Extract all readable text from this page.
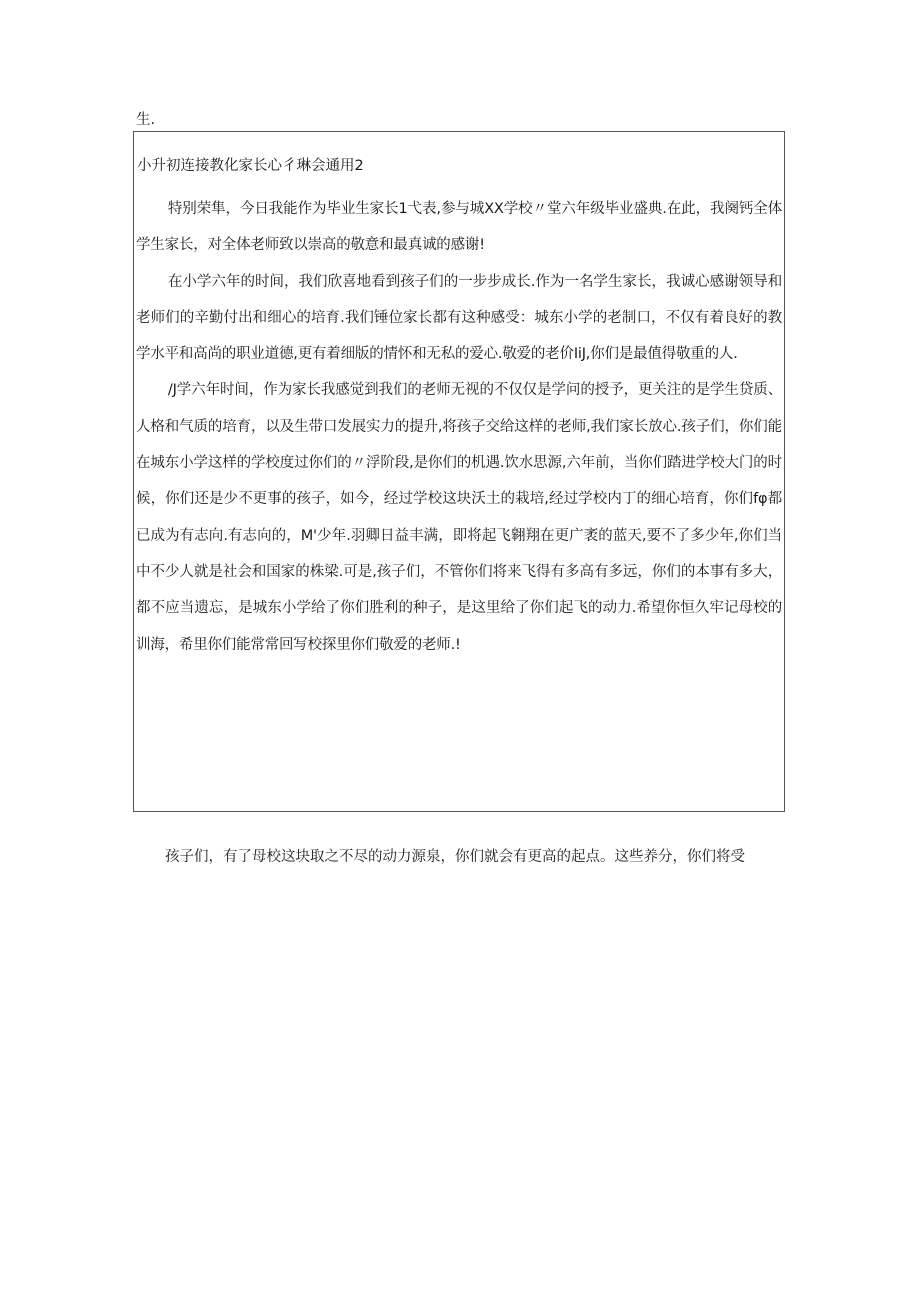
生.
小升初连接教化家长心彳琳会通用2

特别荣隼，今日我能作为毕业生家长1弋表,参与城XX学校〃堂六年级毕业盛典.在此，我阕钙全体学生家长，对全体老师致以崇高的敬意和最真诚的感谢!

在小学六年的时间，我们欣喜地看到孩子们的一步步成长.作为一名学生家长，我诚心感谢领导和老师们的辛勤付出和细心的培育.我们锤位家长都有这种感受：城东小学的老制口，不仅有着良好的教学水平和高尚的职业道德,更有着细版的情怀和无私的爱心.敬爱的老价IiJ,你们是最值得敬重的人.

/J学六年时间，作为家长我感觉到我们的老师无视的不仅仅是学问的授予，更关注的是学生贷质、人格和气质的培育，以及生带口发展实力的提升,将孩子交给这样的老师,我们家长放心.孩子们，你们能在城东小学这样的学校度过你们的〃浮阶段,是你们的机遇.饮水思源,六年前，当你们踏进学校大门的时候，你们还是少不更事的孩子，如今，经过学校这块沃土的栽培,经过学校内丁的细心培育，你们fφ都已成为有志向.有志向的，M'少年.羽卿日益丰满，即将起飞翱翔在更广袤的蓝天,要不了多少年,你们当中不少人就是社会和国家的株梁.可是,孩子们，不管你们将来飞得有多高有多远，你们的本事有多大，都不应当遗忘，是城东小学给了你们胜利的种子，是这里给了你们起飞的动力.希望你恒久牢记母校的训海，希里你们能常常回写校探里你们敬爱的老师.!

孩子们，有了母校这块取之不尽的动力源泉，你们就会有更高的起点。这些养分，你们将受
